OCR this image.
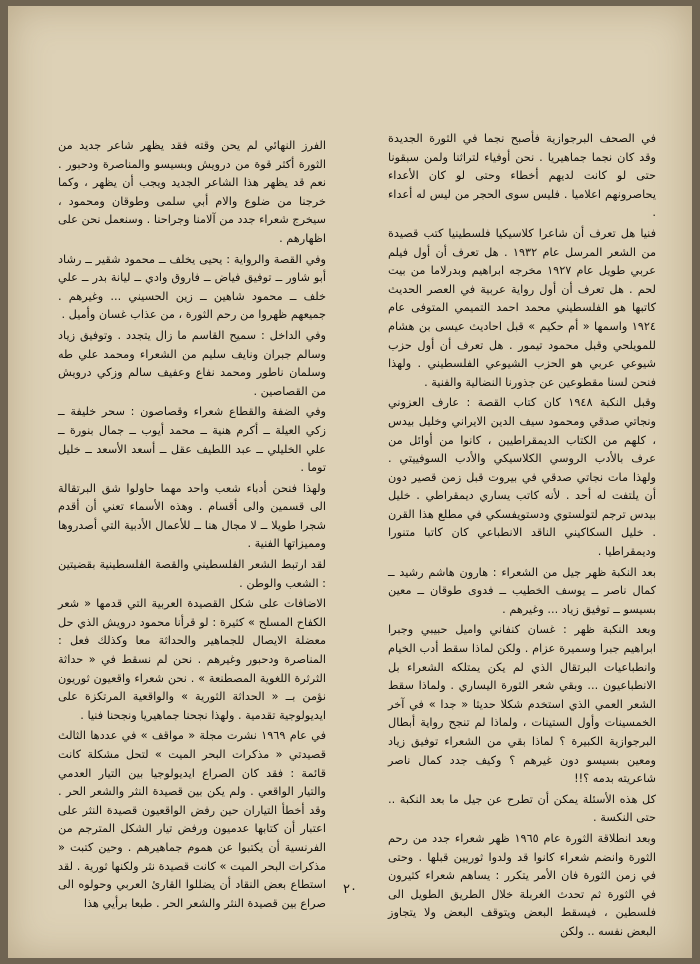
في الصحف البرجوازية فأصبح نجما في الثورة الجديدة وقد كان نجما جماهيريا . نحن أوفياء لتراثنا ولمن سبقونا حتى لو كانت لديهم أخطاء وحتى لو كان الأعداء يحاصرونهم اعلاميا . فليس سوى الحجر من ليس له أعداء .

فنيا هل تعرف أن شاعرا كلاسيكيا فلسطينيا كتب قصيدة من الشعر المرسل عام ١٩٣٢ . هل تعرف أن أول فيلم عربي طويل عام ١٩٢٧ مخرجه ابراهيم وبدرلاما من بيت لحم . هل تعرف أن أول رواية عربية في العصر الحديث كاتبها هو الفلسطيني محمد احمد التميمي المتوفى عام ١٩٢٤ واسمها « أم حكيم » قبل احاديث عيسى بن هشام للمويلحي وقبل محمود تيمور . هل تعرف أن أول حزب شيوعي عربي هو الحزب الشيوعي الفلسطيني . ولهذا فنحن لسنا مقطوعين عن جذورنا النضالية والفنية .

وقبل النكبة ١٩٤٨ كان كتاب القصة : عارف العزوني ونجاتي صدقي ومحمود سيف الدين الايراني وخليل بيدس ، كلهم من الكتاب الديمقراطيين ، كانوا من أوائل من عرف بالأدب الروسي الكلاسيكي والأدب السوفييتي . ولهذا مات نجاتي صدقي في بيروت قبل زمن قصير دون أن يلتفت له أحد . لأنه كاتب يساري ديمقراطي . خليل بيدس ترجم لتولستوي ودستويفسكي في مطلع هذا القرن . خليل السكاكيني الناقد الانطباعي كان كاتبا متنورا وديمقراطيا .

بعد النكبة ظهر جيل من الشعراء : هارون هاشم رشيد ــ كمال ناصر ــ يوسف الخطيب ــ فدوى طوقان ــ معين بسيسو ــ توفيق زياد ... وغيرهم .

وبعد النكبة ظهر : غسان كنفاني واميل حبيبي وجبرا ابراهيم جبرا وسميرة عزام . ولكن لماذا سقط أدب الخيام وانطباعيات البرتقال الذي لم يكن يمتلكه الشعراء بل الانطباعيون ... وبقي شعر الثورة اليساري . ولماذا سقط الشعر العمي الذي استخدم شكلا حديثا « جدا » في آخر الخمسينات وأول الستينات ، ولماذا لم تنجح رواية أبطال البرجوازية الكبيرة ؟ لماذا بقي من الشعراء توفيق زياد ومعين بسيسو دون غيرهم ؟ وكيف جدد كمال ناصر شاعريته بدمه ؟!!

كل هذه الأسئلة يمكن أن تطرح عن جيل ما بعد النكبة .. حتى النكسة .

وبعد انطلاقة الثورة عام ١٩٦٥ ظهر شعراء جدد من رحم الثورة وانضم شعراء كانوا قد ولدوا ثوريين قبلها . وحتى في زمن الثورة فان الأمر يتكرر : يساهم شعراء كثيرون في الثورة ثم تحدث الغربلة خلال الطريق الطويل الى فلسطين ، فيسقط البعض ويتوقف البعض ولا يتجاوز البعض نفسه .. ولكن

الفرز النهائي لم يحن وقته فقد يظهر شاعر جديد من الثورة أكثر قوة من درويش وبسيسو والمناصرة ودحبور . نعم قد يظهر هذا الشاعر الجديد ويجب أن يظهر ، وكما خرجنا من ضلوع والام أبي سلمى وطوقان ومحمود ، سيخرج شعراء جدد من آلامنا وجراحنا . وسنعمل نحن على اظهارهم .

وفي القصة والرواية : يحيى يخلف ــ محمود شقير ــ رشاد أبو شاور ــ توفيق فياض ــ فاروق وادي ــ ليانة بدر ــ علي خلف ــ محمود شاهين ــ زين الحسيني ... وغيرهم . جميعهم ظهروا من رحم الثورة ، من عذاب غسان وأميل .

وفي الداخل : سميح القاسم ما زال يتجدد . وتوفيق زياد وسالم جبران ونايف سليم من الشعراء ومحمد علي طه وسلمان ناطور ومحمد نفاع وعفيف سالم وزكي درويش من القصاصين .

وفي الضفة والقطاع شعراء وقصاصون : سحر خليفة ــ زكي العيلة ــ أكرم هنية ــ محمد أيوب ــ جمال بنورة ــ علي الخليلي ــ عبد اللطيف عقل ــ أسعد الأسعد ــ خليل توما .

ولهذا فنحن أدباء شعب واحد مهما حاولوا شق البرتقالة الى قسمين والى أقسام . وهذه الأسماء تعني أن أقدم شجرا طويلا ــ لا مجال هنا ــ للأعمال الأدبية التي أصدروها ومميزاتها الفنية .

لقد ارتبط الشعر الفلسطيني والقصة الفلسطينية بقضيتين : الشعب والوطن .

الاضافات على شكل القصيدة العربية التي قدمها « شعر الكفاح المسلح » كثيرة : لو قرأنا محمود درويش الذي حل معضلة الايصال للجماهير والحداثة معا وكذلك فعل : المناصرة ودحبور وغيرهم . نحن لم نسقط في « حداثة الثرثرة اللغوية المصطنعة » . نحن شعراء واقعيون ثوريون نؤمن بــ « الحداثة الثورية » والواقعية المرتكزة على ايديولوجية تقدمية . ولهذا نجحنا جماهيريا ونجحنا فنيا .

في عام ١٩٦٩ نشرت مجلة « مواقف » في عددها الثالث قصيدتي « مذكرات البحر الميت » لتحل مشكلة كانت قائمة : فقد كان الصراع ايديولوجيا بين التيار العدمي والتيار الواقعي . ولم يكن بين قصيدة النثر والشعر الحر . وقد أخطأ التياران حين رفض الواقعيون قصيدة النثر على اعتبار أن كتابها عدميون ورفض تيار الشكل المترجم من الفرنسية أن يكتبوا عن هموم جماهيرهم . وحين كتبت « مذكرات البحر الميت » كانت قصيدة نثر ولكنها ثورية . لقد استطاع بعض النقاد أن يضللوا القارئ العربي وحولوه الى صراع بين قصيدة النثر والشعر الحر . طبعا برأيي هذا

٢٠
